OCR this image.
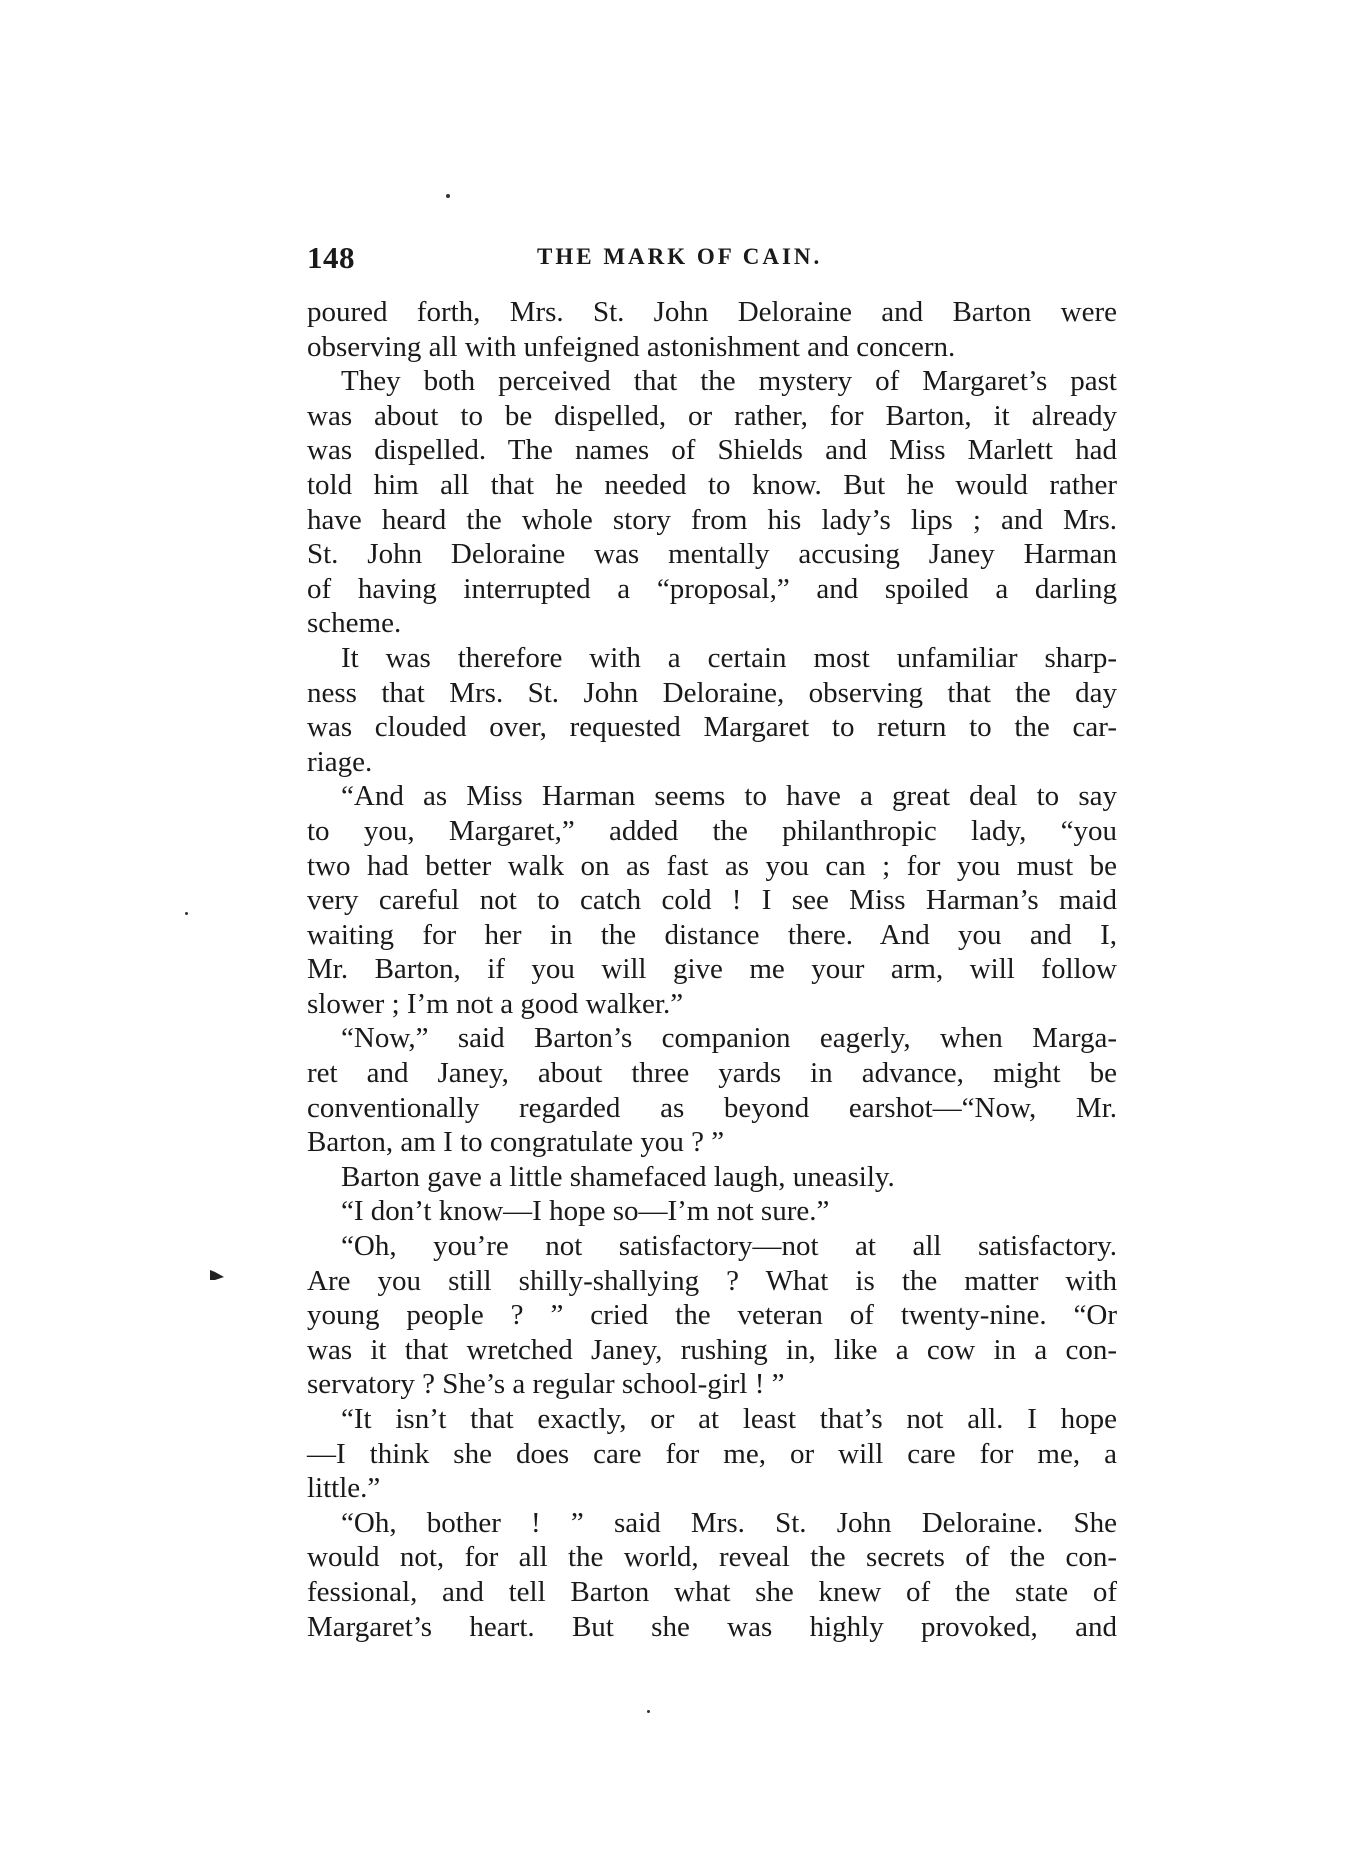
148	THE MARK OF CAIN.
poured forth, Mrs. St. John Deloraine and Barton were
observing all with unfeigned astonishment and concern.
They both perceived that the mystery of Margaret’s past
was about to be dispelled, or rather, for Barton, it already
was dispelled. The names of Shields and Miss Marlett had
told him all that he needed to know. But he would rather
have heard the whole story from his lady’s lips ; and Mrs.
St. John Deloraine was mentally accusing Janey Harman
of having interrupted a “proposal,” and spoiled a darling
scheme.
It was therefore with a certain most unfamiliar sharp-
ness that Mrs. St. John Deloraine, observing that the day
was clouded over, requested Margaret to return to the car-
riage.
“And as Miss Harman seems to have a great deal to say
to you, Margaret,” added the philanthropic lady, “you
two had better walk on as fast as you can ; for you must be
very careful not to catch cold ! I see Miss Harman’s maid
waiting for her in the distance there. And you and I,
Mr. Barton, if you will give me your arm, will follow
slower ; I’m not a good walker.”
“Now,” said Barton’s companion eagerly, when Marga-
ret and Janey, about three yards in advance, might be
conventionally regarded as beyond earshot—“Now, Mr.
Barton, am I to congratulate you ? ”
Barton gave a little shamefaced laugh, uneasily.
“I don’t know—I hope so—I’m not sure.”
“Oh, you’re not satisfactory—not at all satisfactory.
Are you still shilly-shallying ? What is the matter with
young people ? ” cried the veteran of twenty-nine. “Or
was it that wretched Janey, rushing in, like a cow in a con-
servatory ? She’s a regular school-girl ! ”
“It isn’t that exactly, or at least that’s not all. I hope
—I think she does care for me, or will care for me, a
little.”
“Oh, bother ! ” said Mrs. St. John Deloraine. She
would not, for all the world, reveal the secrets of the con-
fessional, and tell Barton what she knew of the state of
Margaret’s heart. But she was highly provoked, and
